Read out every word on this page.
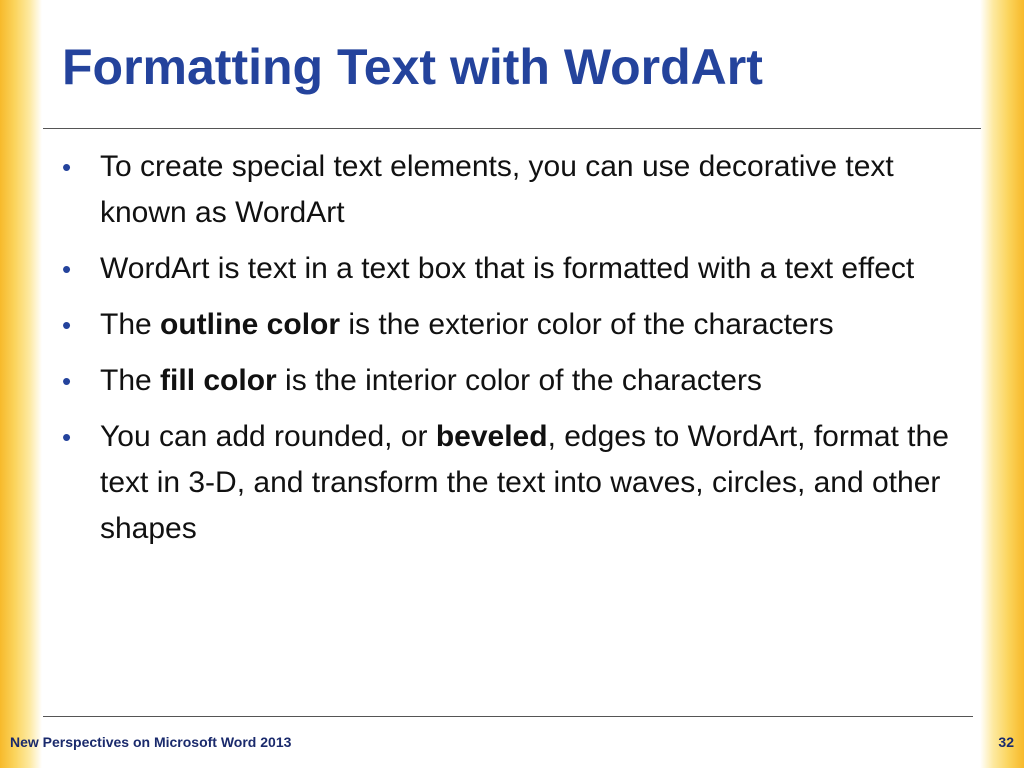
Formatting Text with WordArt
• To create special text elements, you can use decorative text known as WordArt
• WordArt is text in a text box that is formatted with a text effect
• The outline color is the exterior color of the characters
• The fill color is the interior color of the characters
• You can add rounded, or beveled, edges to WordArt, format the text in 3-D, and transform the text into waves, circles, and other shapes
New Perspectives on Microsoft Word 2013	32
